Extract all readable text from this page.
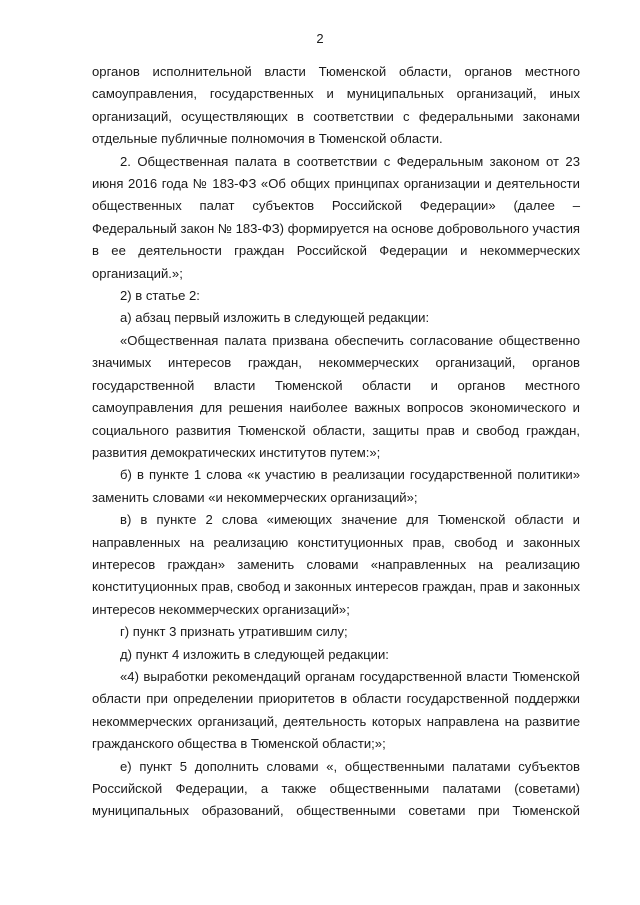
2

органов исполнительной власти Тюменской области, органов местного самоуправления, государственных и муниципальных организаций, иных организаций, осуществляющих в соответствии с федеральными законами отдельные публичные полномочия в Тюменской области.

2. Общественная палата в соответствии с Федеральным законом от 23 июня 2016 года № 183-ФЗ «Об общих принципах организации и деятельности общественных палат субъектов Российской Федерации» (далее – Федеральный закон № 183-ФЗ) формируется на основе добровольного участия в ее деятельности граждан Российской Федерации и некоммерческих организаций.»;

2) в статье 2:

а) абзац первый изложить в следующей редакции:

«Общественная палата призвана обеспечить согласование общественно значимых интересов граждан, некоммерческих организаций, органов государственной власти Тюменской области и органов местного самоуправления для решения наиболее важных вопросов экономического и социального развития Тюменской области, защиты прав и свобод граждан, развития демократических институтов путем:»;

б) в пункте 1 слова «к участию в реализации государственной политики» заменить словами «и некоммерческих организаций»;

в) в пункте 2 слова «имеющих значение для Тюменской области и направленных на реализацию конституционных прав, свобод и законных интересов граждан» заменить словами «направленных на реализацию конституционных прав, свобод и законных интересов граждан, прав и законных интересов некоммерческих организаций»;

г) пункт 3 признать утратившим силу;

д) пункт 4 изложить в следующей редакции:

«4) выработки рекомендаций органам государственной власти Тюменской области при определении приоритетов в области государственной поддержки некоммерческих организаций, деятельность которых направлена на развитие гражданского общества в Тюменской области;»;

е) пункт 5 дополнить словами «, общественными палатами субъектов Российской Федерации, а также общественными палатами (советами) муниципальных образований, общественными советами при Тюменской
